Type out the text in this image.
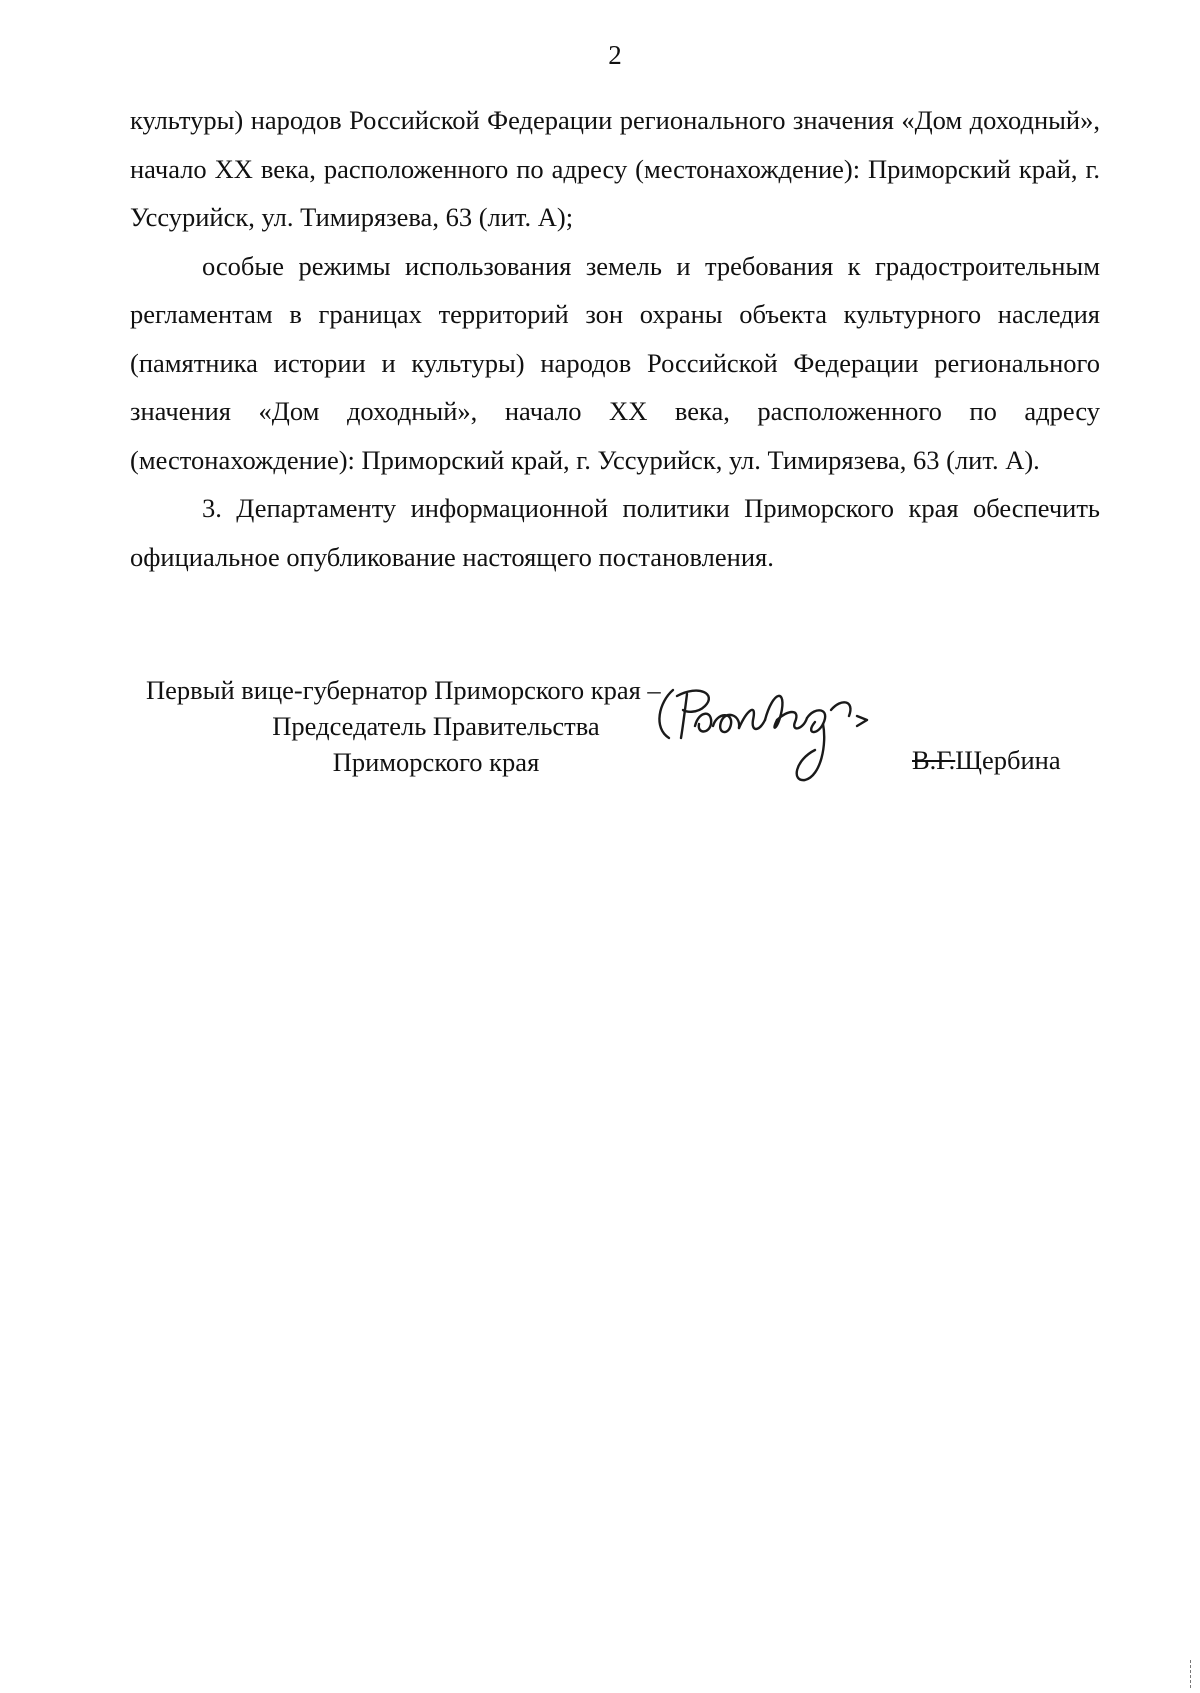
2

культуры) народов Российской Федерации регионального значения «Дом доходный», начало XX века, расположенного по адресу (местонахождение): Приморский край, г. Уссурийск, ул. Тимирязева, 63 (лит. А);

особые режимы использования земель и требования к градостроительным регламентам в границах территорий зон охраны объекта культурного наследия (памятника истории и культуры) народов Российской Федерации регионального значения «Дом доходный», начало XX века, расположенного по адресу (местонахождение): Приморский край, г. Уссурийск, ул. Тимирязева, 63 (лит. А).

3. Департаменту информационной политики Приморского края обеспечить официальное опубликование настоящего постановления.

Первый вице-губернатор Приморского края –
Председатель Правительства
Приморского края	В.Г.Щербина
